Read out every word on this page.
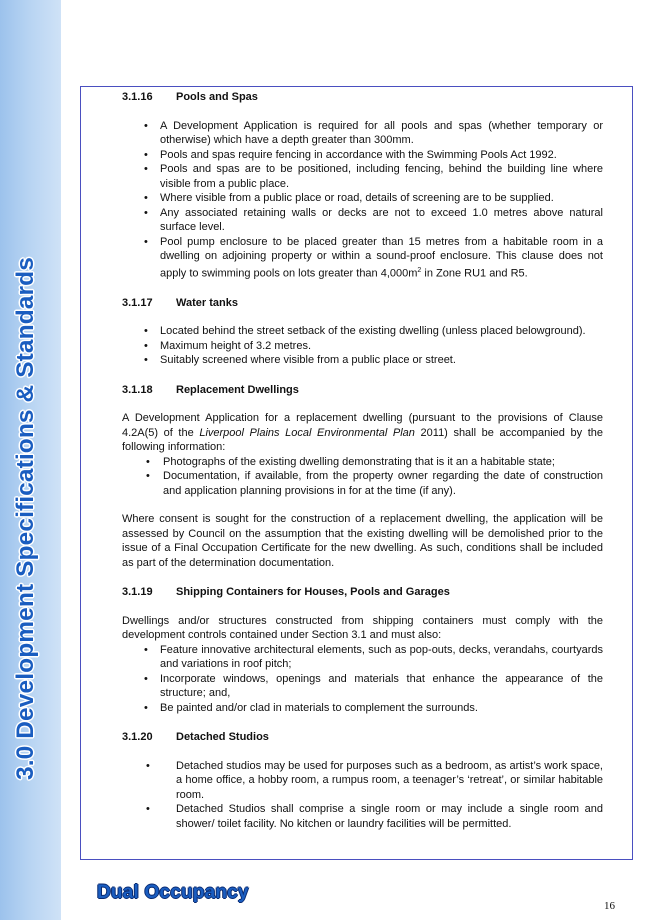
3.0 Development Specifications & Standards
3.1.16 Pools and Spas
• A Development Application is required for all pools and spas (whether temporary or otherwise) which have a depth greater than 300mm.
• Pools and spas require fencing in accordance with the Swimming Pools Act 1992.
• Pools and spas are to be positioned, including fencing, behind the building line where visible from a public place.
• Where visible from a public place or road, details of screening are to be supplied.
• Any associated retaining walls or decks are not to exceed 1.0 metres above natural surface level.
• Pool pump enclosure to be placed greater than 15 metres from a habitable room in a dwelling on adjoining property or within a sound-proof enclosure. This clause does not apply to swimming pools on lots greater than $4,000m^2$ in Zone RU1 and R5.
3.1.17 Water tanks
• Located behind the street setback of the existing dwelling (unless placed belowground).
• Maximum height of 3.2 metres.
• Suitably screened where visible from a public place or street.
3.1.18 Replacement Dwellings

A Development Application for a replacement dwelling (pursuant to the provisions of Clause 4.2A(5) of the Liverpool Plains Local Environmental Plan 2011) shall be accompanied by the following information:

• Photographs of the existing dwelling demonstrating that is it an a habitable state;
• Documentation, if available, from the property owner regarding the date of construction and application planning provisions in for at the time (if any).

Where consent is sought for the construction of a replacement dwelling, the application will be assessed by Council on the assumption that the existing dwelling will be demolished prior to the issue of a Final Occupation Certificate for the new dwelling. As such, conditions shall be included as part of the determination documentation.

3.1.19 Shipping Containers for Houses, Pools and Garages

Dwellings and/or structures constructed from shipping containers must comply with the development controls contained under Section 3.1 and must also:

• Feature innovative architectural elements, such as pop-outs, decks, verandahs, courtyards and variations in roof pitch;
• Incorporate windows, openings and materials that enhance the appearance of the structure; and,
• Be painted and/or clad in materials to complement the surrounds.
3.1.20 Detached Studios
• Detached studios may be used for purposes such as a bedroom, as artist’s work space, a home office, a hobby room, a rumpus room, a teenager’s ‘retreat’, or similar habitable room.
• Detached Studios shall comprise a single room or may include a single room and shower/ toilet facility. No kitchen or laundry facilities will be permitted.
Dual Occupancy
16
